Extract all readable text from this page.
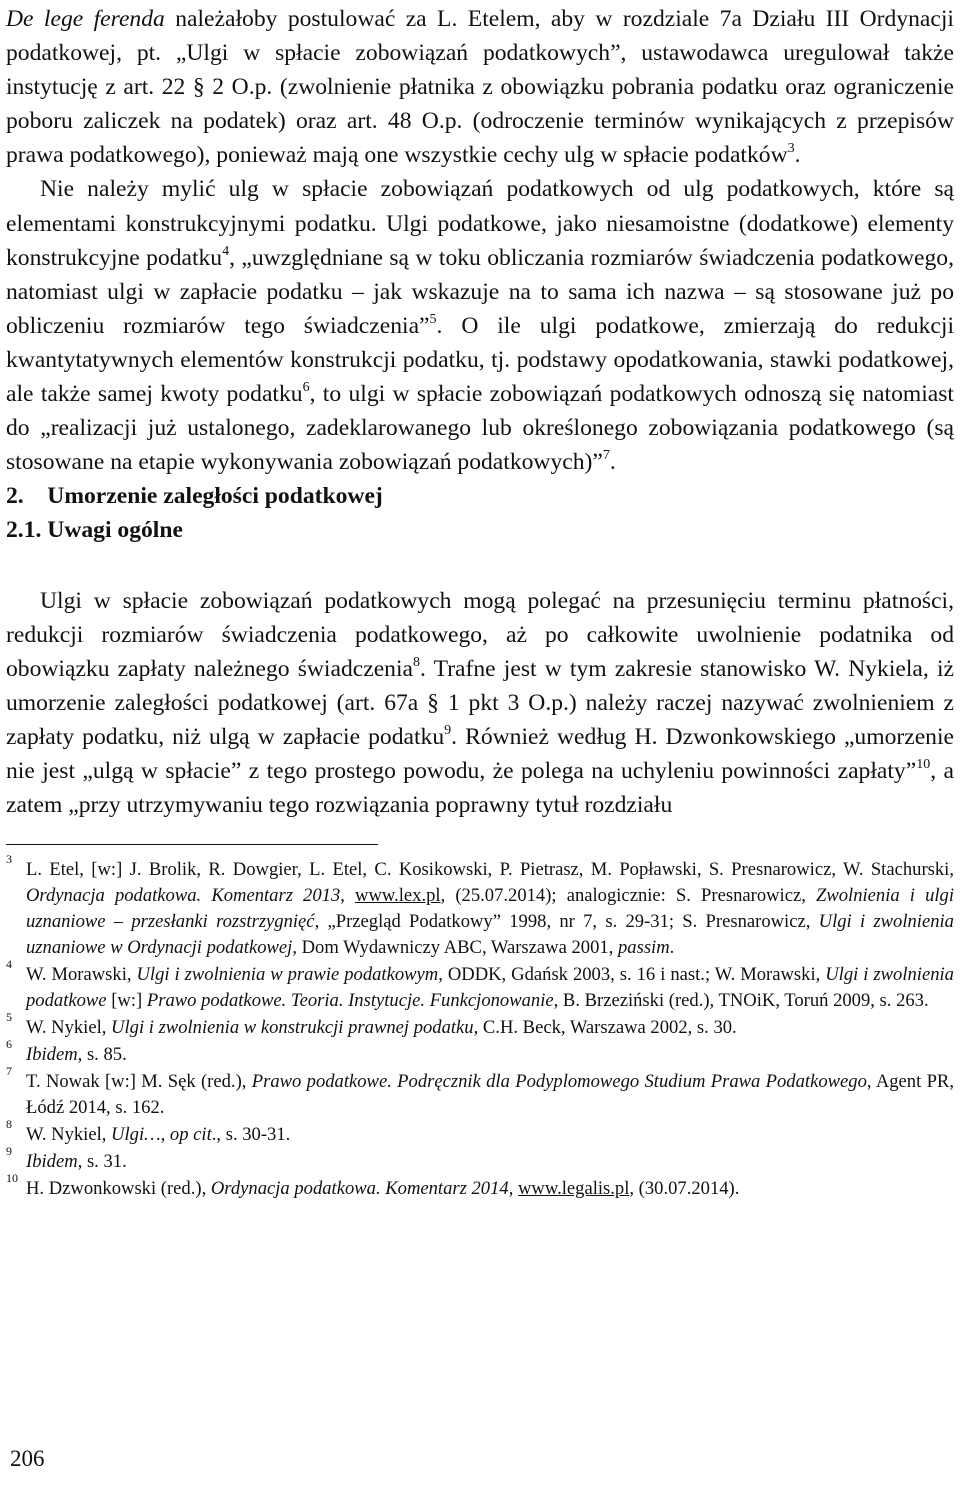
De lege ferenda należałoby postulować za L. Etelem, aby w rozdziale 7a Działu III Ordynacji podatkowej, pt. „Ulgi w spłacie zobowiązań podatkowych”, ustawodawca uregulował także instytucję z art. 22 § 2 O.p. (zwolnienie płatnika z obowiązku pobrania podatku oraz ograniczenie poboru zaliczek na podatek) oraz art. 48 O.p. (odroczenie terminów wynikających z przepisów prawa podatkowego), ponieważ mają one wszystkie cechy ulg w spłacie podatków$^3$.

Nie należy mylić ulg w spłacie zobowiązań podatkowych od ulg podatkowych, które są elementami konstrukcyjnymi podatku. Ulgi podatkowe, jako niesamoistne (dodatkowe) elementy konstrukcyjne podatku$^4$, „uwzględniane są w toku obliczania rozmiarów świadczenia podatkowego, natomiast ulgi w zapłacie podatku – jak wskazuje na to sama ich nazwa – są stosowane już po obliczeniu rozmiarów tego świadczenia”$^5$. O ile ulgi podatkowe, zmierzają do redukcji kwantytatywnych elementów konstrukcji podatku, tj. podstawy opodatkowania, stawki podatkowej, ale także samej kwoty podatku$^6$, to ulgi w spłacie zobowiązań podatkowych odnoszą się natomiast do „realizacji już ustalonego, zadeklarowanego lub określonego zobowiązania podatkowego (są stosowane na etapie wykonywania zobowiązań podatkowych)”$^7$.

2. Umorzenie zaległości podatkowej

2.1. Uwagi ogólne

Ulgi w spłacie zobowiązań podatkowych mogą polegać na przesunięciu terminu płatności, redukcji rozmiarów świadczenia podatkowego, aż po całkowite uwolnienie podatnika od obowiązku zapłaty należnego świadczenia$^8$. Trafne jest w tym zakresie stanowisko W. Nykiela, iż umorzenie zaległości podatkowej (art. 67a § 1 pkt 3 O.p.) należy raczej nazywać zwolnieniem z zapłaty podatku, niż ulgą w zapłacie podatku$^9$. Również według H. Dzwonkowskiego „umorzenie nie jest „ulgą w spłacie” z tego prostego powodu, że polega na uchyleniu powinności zapłaty”$^{10}$, a zatem „przy utrzymywaniu tego rozwiązania poprawny tytuł rozdziału

3 L. Etel, [w:] J. Brolik, R. Dowgier, L. Etel, C. Kosikowski, P. Pietrasz, M. Popławski, S. Presnarowicz, W. Stachurski, Ordynacja podatkowa. Komentarz 2013, www.lex.pl, (25.07.2014); analogicznie: S. Presnarowicz, Zwolnienia i ulgi uznaniowe – przesłanki rozstrzygnięć, „Przegląd Podatkowy” 1998, nr 7, s. 29-31; S. Presnarowicz, Ulgi i zwolnienia uznaniowe w Ordynacji podatkowej, Dom Wydawniczy ABC, Warszawa 2001, passim.
4 W. Morawski, Ulgi i zwolnienia w prawie podatkowym, ODDK, Gdańsk 2003, s. 16 i nast.; W. Morawski, Ulgi i zwolnienia podatkowe [w:] Prawo podatkowe. Teoria. Instytucje. Funkcjonowanie, B. Brzeziński (red.), TNOiK, Toruń 2009, s. 263.
5 W. Nykiel, Ulgi i zwolnienia w konstrukcji prawnej podatku, C.H. Beck, Warszawa 2002, s. 30.
6 Ibidem, s. 85.
7 T. Nowak [w:] M. Sęk (red.), Prawo podatkowe. Podręcznik dla Podyplomowego Studium Prawa Podatkowego, Agent PR, Łódź 2014, s. 162.
8 W. Nykiel, Ulgi…, op cit., s. 30-31.
9 Ibidem, s. 31.
10 H. Dzwonkowski (red.), Ordynacja podatkowa. Komentarz 2014, www.legalis.pl, (30.07.2014).
206
